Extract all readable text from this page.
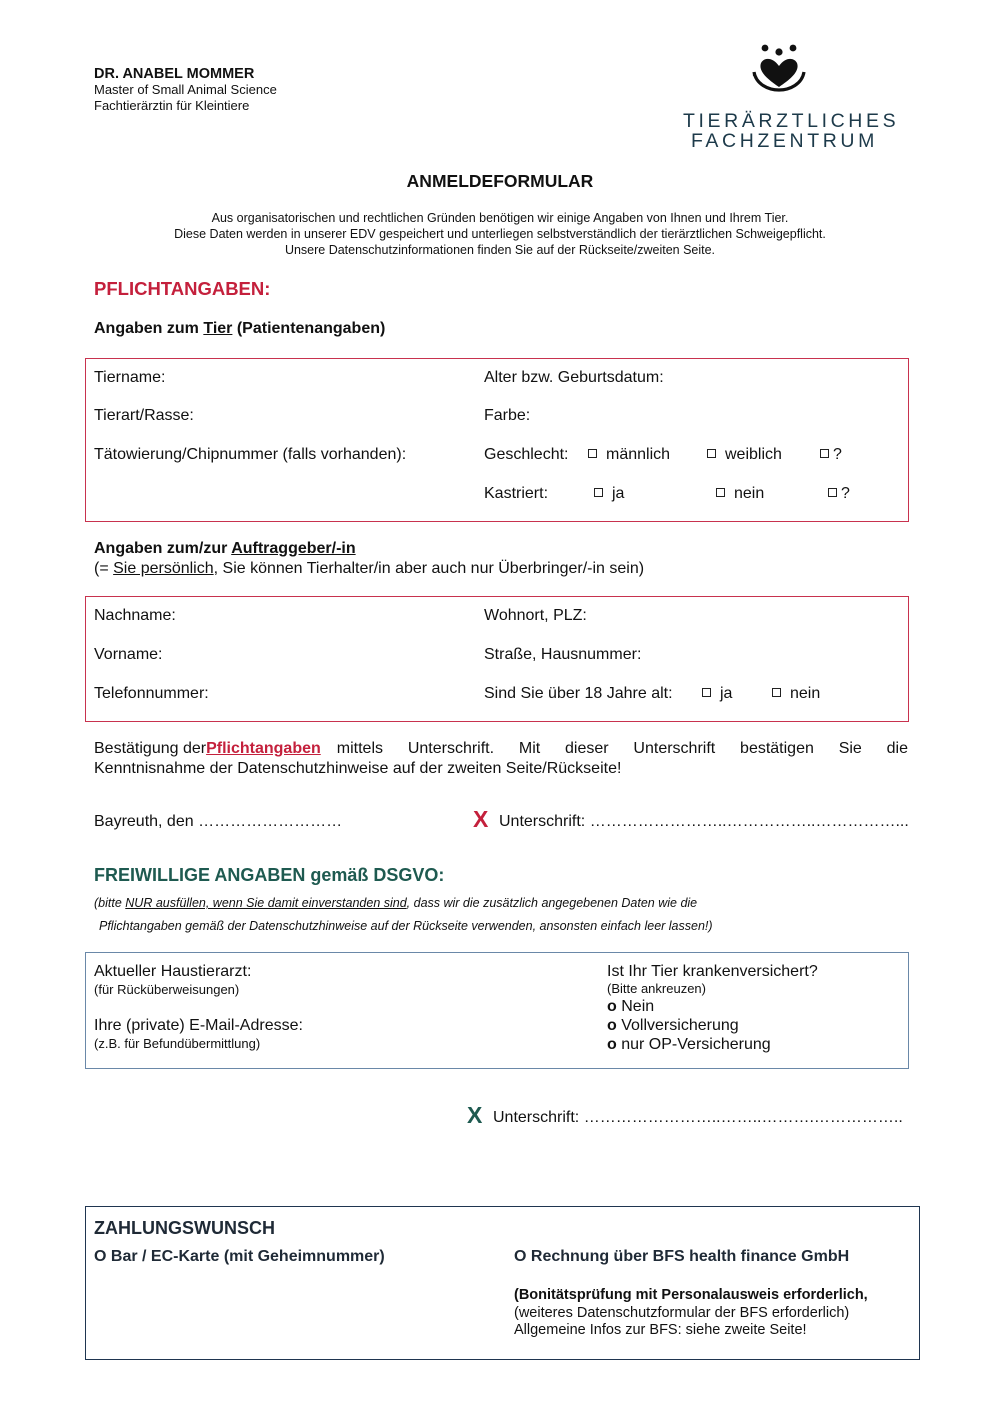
DR. ANABEL MOMMER
Master of Small Animal Science
Fachtierärztin für Kleintiere
TIERÄRZTLICHES
FACHZENTRUM
ANMELDEFORMULAR
Aus organisatorischen und rechtlichen Gründen benötigen wir einige Angaben von Ihnen und Ihrem Tier.
Diese Daten werden in unserer EDV gespeichert und unterliegen selbstverständlich der tierärztlichen Schweigepflicht.
Unsere Datenschutzinformationen finden Sie auf der Rückseite/zweiten Seite.
PFLICHTANGABEN:
Angaben zum Tier (Patientenangaben)
Tiername:
Tierart/Rasse:
Tätowierung/Chipnummer (falls vorhanden):
Alter bzw. Geburtsdatum:
Farbe:
Geschlecht:	männlich	weiblich	?
Kastriert:	ja	nein	?
Angaben zum/zur Auftraggeber/-in
(= Sie persönlich, Sie können Tierhalter/in aber auch nur Überbringer/-in sein)
Nachname:
Vorname:
Telefonnummer:
Wohnort, PLZ:
Straße, Hausnummer:
Sind Sie über 18 Jahre alt:	ja	nein
Bestätigung der Pflichtangaben mittels Unterschrift. Mit dieser Unterschrift bestätigen Sie die
Kenntnisnahme der Datenschutzhinweise auf der zweiten Seite/Rückseite!
Bayreuth, den ………………………	X Unterschrift: ……………………..……………..……………...
FREIWILLIGE ANGABEN gemäß DSGVO:
(bitte NUR ausfüllen, wenn Sie damit einverstanden sind, dass wir die zusätzlich angegebenen Daten wie die
Pflichtangaben gemäß der Datenschutzhinweise auf der Rückseite verwenden, ansonsten einfach leer lassen!)
Aktueller Haustierarzt:
(für Rücküberweisungen)
Ihre (private) E-Mail-Adresse:
(z.B. für Befundübermittlung)
Ist Ihr Tier krankenversichert?
(Bitte ankreuzen)
o Nein
o Vollversicherung
o nur OP-Versicherung
X Unterschrift: ……………………..……..……….……………..
ZAHLUNGSWUNSCH
O Bar / EC-Karte (mit Geheimnummer)	O Rechnung über BFS health finance GmbH
(Bonitätsprüfung mit Personalausweis erforderlich,
(weiteres Datenschutzformular der BFS erforderlich)
Allgemeine Infos zur BFS: siehe zweite Seite!
